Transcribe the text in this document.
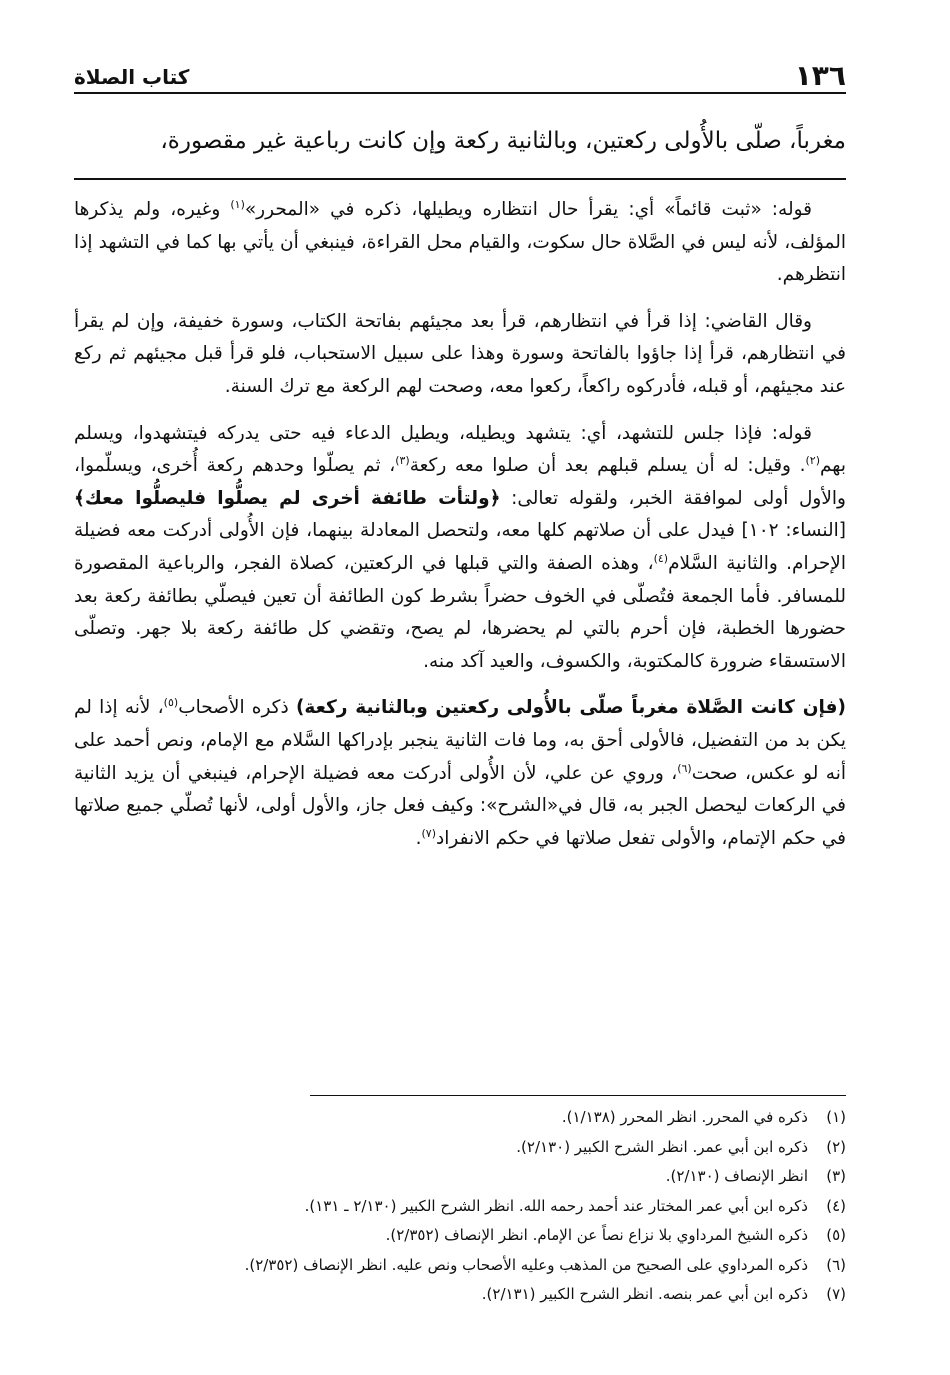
١٣٦
كتاب الصلاة
مغرباً، صلّى بالأُولى ركعتين، وبالثانية ركعة وإن كانت رباعية غير مقصورة،

قوله: «ثبت قائماً» أي: يقرأ حال انتظاره ويطيلها، ذكره في «المحرر»$^{(١)}$ وغيره، ولم يذكرها المؤلف، لأنه ليس في الصَّلاة حال سكوت، والقيام محل القراءة، فينبغي أن يأتي بها كما في التشهد إذا انتظرهم.

وقال القاضي: إذا قرأ في انتظارهم، قرأ بعد مجيئهم بفاتحة الكتاب، وسورة خفيفة، وإن لم يقرأ في انتظارهم، قرأ إذا جاؤوا بالفاتحة وسورة وهذا على سبيل الاستحباب، فلو قرأ قبل مجيئهم ثم ركع عند مجيئهم، أو قبله، فأدركوه راكعاً، ركعوا معه، وصحت لهم الركعة مع ترك السنة.

قوله: فإذا جلس للتشهد، أي: يتشهد ويطيله، ويطيل الدعاء فيه حتى يدركه فيتشهدوا، ويسلم بهم$^{(٢)}$. وقيل: له أن يسلم قبلهم بعد أن صلوا معه ركعة$^{(٣)}$، ثم يصلّوا وحدهم ركعة أُخرى، ويسلّموا، والأول أولى لموافقة الخبر، ولقوله تعالى: ﴿ولتأت طائفة أخرى لم يصلُّوا فليصلُّوا معك﴾ [النساء: ١٠٢] فيدل على أن صلاتهم كلها معه، ولتحصل المعادلة بينهما، فإن الأُولى أدركت معه فضيلة الإحرام. والثانية السَّلام$^{(٤)}$، وهذه الصفة والتي قبلها في الركعتين، كصلاة الفجر، والرباعية المقصورة للمسافر. فأما الجمعة فتُصلّى في الخوف حضراً بشرط كون الطائفة أن تعين فيصلّي بطائفة ركعة بعد حضورها الخطبة، فإن أحرم بالتي لم يحضرها، لم يصح، وتقضي كل طائفة ركعة بلا جهر. وتصلّى الاستسقاء ضرورة كالمكتوبة، والكسوف، والعيد آكد منه.

(فإن كانت الصَّلاة مغرباً صلّى بالأُولى ركعتين وبالثانية ركعة) ذكره الأصحاب$^{(٥)}$، لأنه إذا لم يكن بد من التفضيل، فالأولى أحق به، وما فات الثانية ينجبر بإدراكها السَّلام مع الإمام، ونص أحمد على أنه لو عكس، صحت$^{(٦)}$، وروي عن علي، لأن الأُولى أدركت معه فضيلة الإحرام، فينبغي أن يزيد الثانية في الركعات ليحصل الجبر به، قال في«الشرح»: وكيف فعل جاز، والأول أولى، لأنها تُصلّي جميع صلاتها في حكم الإتمام، والأولى تفعل صلاتها في حكم الانفراد$^{(٧)}$.

(١)
ذكره في المحرر. انظر المحرر (١/١٣٨).
(٢)
ذكره ابن أبي عمر. انظر الشرح الكبير (٢/١٣٠).
(٣)
انظر الإنصاف (٢/١٣٠).
(٤)
ذكره ابن أبي عمر المختار عند أحمد رحمه الله. انظر الشرح الكبير (٢/١٣٠ ـ ١٣١).
(٥)
ذكره الشيخ المرداوي بلا نزاع نصاً عن الإمام. انظر الإنصاف (٢/٣٥٢).
(٦)
ذكره المرداوي على الصحيح من المذهب وعليه الأصحاب ونص عليه. انظر الإنصاف (٢/٣٥٢).
(٧)
ذكره ابن أبي عمر بنصه. انظر الشرح الكبير (٢/١٣١).
